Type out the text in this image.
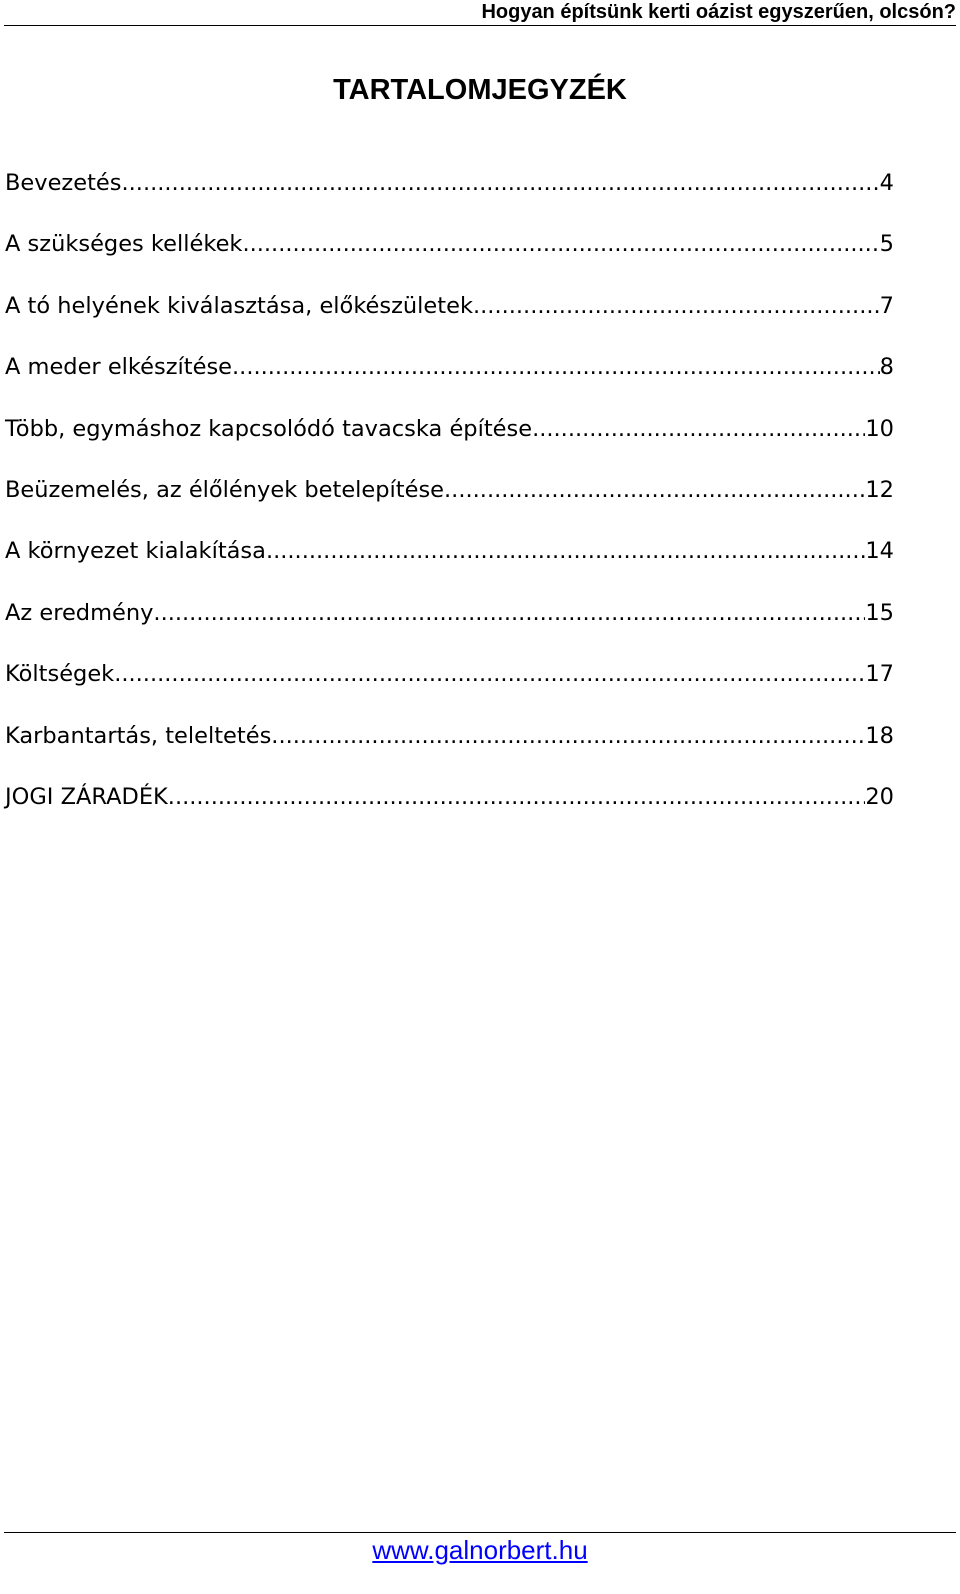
Hogyan építsünk kerti oázist egyszerűen, olcsón?
TARTALOMJEGYZÉK
Bevezetés .....	4
A szükséges kellékek .....	5
A tó helyének kiválasztása, előkészületek .....	7
A meder elkészítése .....	8
Több, egymáshoz kapcsolódó tavacska építése .....	10
Beüzemelés, az élőlények betelepítése .....	12
A környezet kialakítása .....	14
Az eredmény .....	15
Költségek .....	17
Karbantartás, teleltetés .....	18
JOGI ZÁRADÉK .....	20
www.galnorbert.hu
